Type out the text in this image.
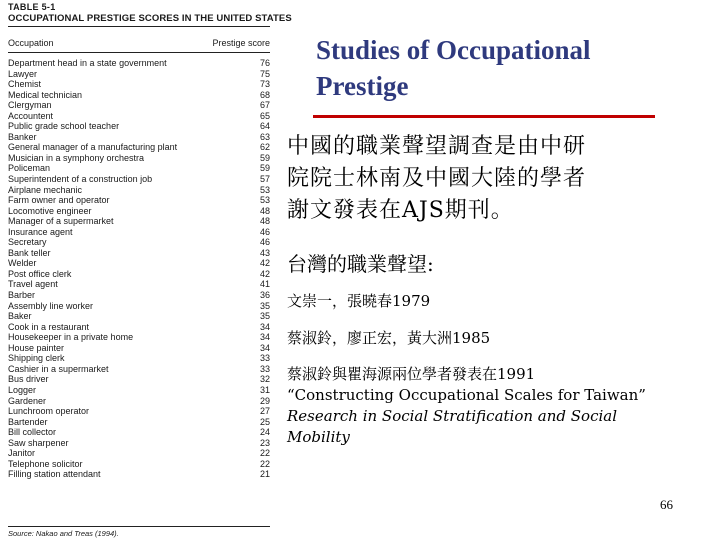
TABLE 5-1
OCCUPATIONAL PRESTIGE SCORES IN THE UNITED STATES
Occupation	Prestige score
Department head in a state government	76
Lawyer	75
Chemist	73
Medical technician	68
Clergyman	67
Accountent	65
Public grade school teacher	64
Banker	63
General manager of a manufacturing plant	62
Musician in a symphony orchestra	59
Policeman	59
Superintendent of a construction job	57
Airplane mechanic	53
Farm owner and operator	53
Locomotive engineer	48
Manager of a supermarket	48
Insurance agent	46
Secretary	46
Bank teller	43
Welder	42
Post office clerk	42
Travel agent	41
Barber	36
Assembly line worker	35
Baker	35
Cook in a restaurant	34
Housekeeper in a private home	34
House painter	34
Shipping clerk	33
Cashier in a supermarket	33
Bus driver	32
Logger	31
Gardener	29
Lunchroom operator	27
Bartender	25
Bill collector	24
Saw sharpener	23
Janitor	22
Telephone solicitor	22
Filling station attendant	21
Source: Nakao and Treas (1994).
Studies of Occupational
Prestige
中國的職業聲望調查是由中研
院院士林南及中國大陸的學者
謝文發表在AJS期刊。
台灣的職業聲望:
文崇一，張曉春1979
蔡淑鈴，廖正宏，黃大洲1985
蔡淑鈴與瞿海源兩位學者發表在1991
“Constructing Occupational Scales for Taiwan”
Research in Social Stratification and Social
Mobility
66
